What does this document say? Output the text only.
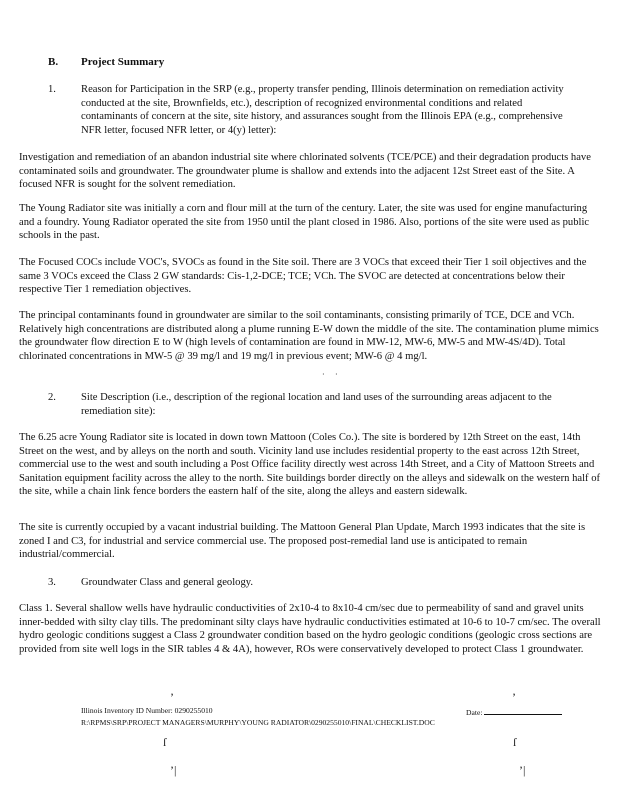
B. Project Summary
1. Reason for Participation in the SRP (e.g., property transfer pending, Illinois determination on remediation activity conducted at the site, Brownfields, etc.), description of recognized environmental conditions and related contaminants of concern at the site, site history, and assurances sought from the Illinois EPA (e.g., comprehensive NFR letter, focused NFR letter, or 4(y) letter):
Investigation and remediation of an abandon industrial site where chlorinated solvents (TCE/PCE) and their degradation products have contaminated soils and groundwater. The groundwater plume is shallow and extends into the adjacent 12st Street east of the Site. A focused NFR is sought for the solvent remediation.
The Young Radiator site was initially a corn and flour mill at the turn of the century. Later, the site was used for engine manufacturing and a foundry. Young Radiator operated the site from 1950 until the plant closed in 1986. Also, portions of the site were used as public schools in the past.
The Focused COCs include VOC's, SVOCs as found in the Site soil. There are 3 VOCs that exceed their Tier 1 soil objectives and the same 3 VOCs exceed the Class 2 GW standards: Cis-1,2-DCE; TCE; VCh. The SVOC are detected at concentrations below their respective Tier 1 remediation objectives.
The principal contaminants found in groundwater are similar to the soil contaminants, consisting primarily of TCE, DCE and VCh. Relatively high concentrations are distributed along a plume running E-W down the middle of the site. The contamination plume mimics the groundwater flow direction E to W (high levels of contamination are found in MW-12, MW-6, MW-5 and MW-4S/4D). Total chlorinated concentrations in MW-5 @ 39 mg/l and 19 mg/l in previous event; MW-6 @ 4 mg/l.
2. Site Description (i.e., description of the regional location and land uses of the surrounding areas adjacent to the remediation site):
The 6.25 acre Young Radiator site is located in down town Mattoon (Coles Co.). The site is bordered by 12th Street on the east, 14th Street on the west, and by alleys on the north and south. Vicinity land use includes residential property to the east across 12th Street, commercial use to the west and south including a Post Office facility directly west across 14th Street, and a City of Mattoon Streets and Sanitation equipment facility across the alley to the north. Site buildings border directly on the alleys and sidewalk on the western half of the site, while a chain link fence borders the eastern half of the site, along the alleys and eastern sidewalk.
The site is currently occupied by a vacant industrial building. The Mattoon General Plan Update, March 1993 indicates that the site is zoned I and C3, for industrial and service commercial use. The proposed post-remedial land use is anticipated to remain industrial/commercial.
3. Groundwater Class and general geology.
Class 1. Several shallow wells have hydraulic conductivities of 2x10-4 to 8x10-4 cm/sec due to permeability of sand and gravel units inner-bedded with silty clay tills. The predominant silty clays have hydraulic conductivities estimated at 10-6 to 10-7 cm/sec. The overall hydro geologic conditions suggest a Class 2 groundwater condition based on the hydro geologic conditions (geologic cross sections are provided from site well logs in the SIR tables 4 & 4A), however, ROs were conservatively developed to protect Class 1 groundwater.
Illinois Inventory ID Number: 0290255010	Date:
R:\RPMS\SRP\PROJECT MANAGERS\MURPHY\YOUNG RADIATOR\0290255010\FINAL\CHECKLIST.DOC
’	’
ſ	ſ
’|	’|
· ·
